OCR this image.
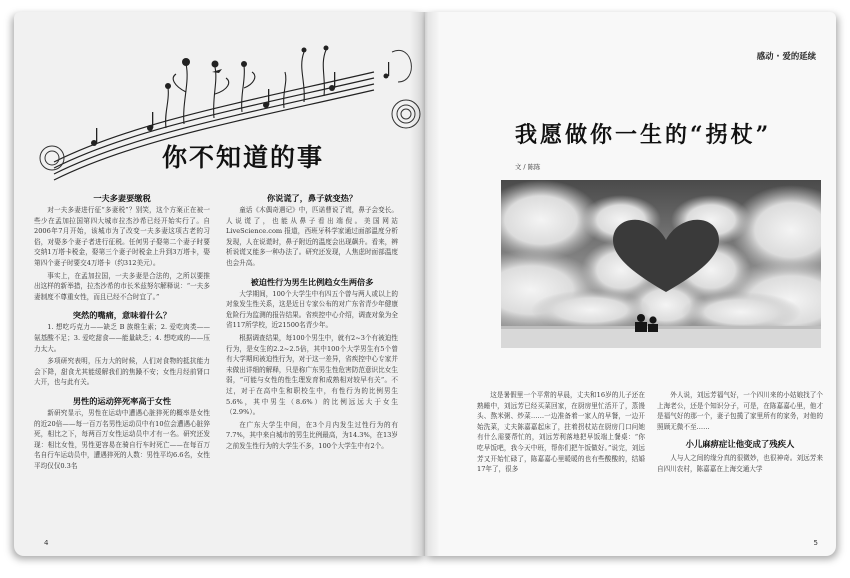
你不知道的事
一夫多妻要缴税

对一夫多妻进行征“多妻税”？别笑，这个方案正在被一些少在孟加拉国第四大城市拉杰沙希已经开始实行了。自2006年7月开始，该城市为了改变一夫多妻这项古老的习俗，对娶多个妻子者进行征税。任何男子娶第二个妻子时要交纳1万塔卡税金，娶第三个妻子时税金上升到3万塔卡，娶第四个妻子时要交4万塔卡（约312美元）。

事实上，在孟加拉国，一夫多妻是合法的，之所以要推出这样的新举措，拉杰沙希的市长米兹努尔解释说：“一夫多妻制度不尊重女性，而且已经不合时宜了。”

突然的嘴痛，意味着什么？

1. 想吃巧克力——缺乏 B 族维生素；2. 爱吃肉类——氨基酸不足；3. 爱吃甜食——能量缺乏；4. 想吃咸的——压力太大。

多项研究表明，压力大的时候，人们对食物的抵抗能力会下降，甜食尤其能缓解我们的焦躁不安；女性月经前肾口大开，也与此有关。

男性的运动猝死率高于女性

新研究显示，男性在运动中遭遇心脏猝死的概率是女性的近20倍——每一百万名男性运动员中有10位会遭遇心脏猝死，相比之下，每两百万女性运动员中才有一名。研究还发现：相比女性，男性更容易在骑自行车时死亡——在每百万名自行车运动员中，遭遇猝死的人数：男性平均6.6名，女性平均仅仅0.3名

你说谎了，鼻子就变热？

童话《木偶奇遇记》中，匹诺曹说了谎，鼻子会变长。人说谎了，也能从鼻子看出端倪。美国网站 LiveScience.com 报道，西班牙科学家通过面部温度分析发现，人在说谎时，鼻子附近的温度会出现飙升。看来，辨析说谎又能多一种办法了。研究还发现，人焦虑时面部温度也会升高。

被迫性行为男生比例趋女生两倍多

大学期间，100个大学生中有四五个曾与两人或以上的对象发生性关系，这是近日专家公布的对广东省青少年健康危险行为监测的报告结果。省疾控中心介绍，调查对象为全省117所学校，近21500名青少年。

根据调查结果，每100个男生中，就有2~3个有被迫性行为，是女生的2.2~2.5倍，其中100个大学男生有5个曾有大学期间被迫性行为，对于这一差异，省疾控中心专家并未做出详细的解释，只是称广东男生性危害防范意识比女生弱，“可能与女性的性生理发育和成熟相对较早有关”。不过，对于在高中生和职校生中，有性行为的比例男生5.6%，其中男生（8.6%）的比例远远大于女生（2.9%）。

在广东大学生中间，在3个月内发生过性行为的有7.7%，其中来自城市的男生比例最高，为14.3%，在13岁之前发生性行为的大学生不多，100个大学生中有2个。

4
感动 · 爱的延续
我愿做你一生的“拐杖”
文 / 陈陈

这是暑假里一个平常的早晨，丈夫和16岁的儿子还在熟睡中，刘远芳已经买菜回家，在厨房里忙活开了，蒸馒头、熬米粥、炒菜……一边准备着一家人的早餐，一边开始洗菜，丈夫陈嘉嘉起床了，拄着拐杖站在厨房门口问她有什么需要帮忙的，刘远芳利落地把早饭端上餐桌：“你吃早饭吧，我今天中班，帮你们把午饭做好。”说完，刘远芳又开始忙碌了，陈嘉嘉心里暖暖的也有些酸酸的，结婚17年了，很多

外人说，刘远芳福气好，一个四川来的小姑娘找了个上海老公，还是个知识分子，可是，在陈嘉嘉心里，他才是福气好的那一个，妻子包揽了家里所有的家务，对他的照顾无微不至……

小儿麻痹症让他变成了残疾人

人与人之间的缘分真的很微妙，也很神奇。刘远芳来自四川农村，陈嘉嘉在上海交通大学

5
